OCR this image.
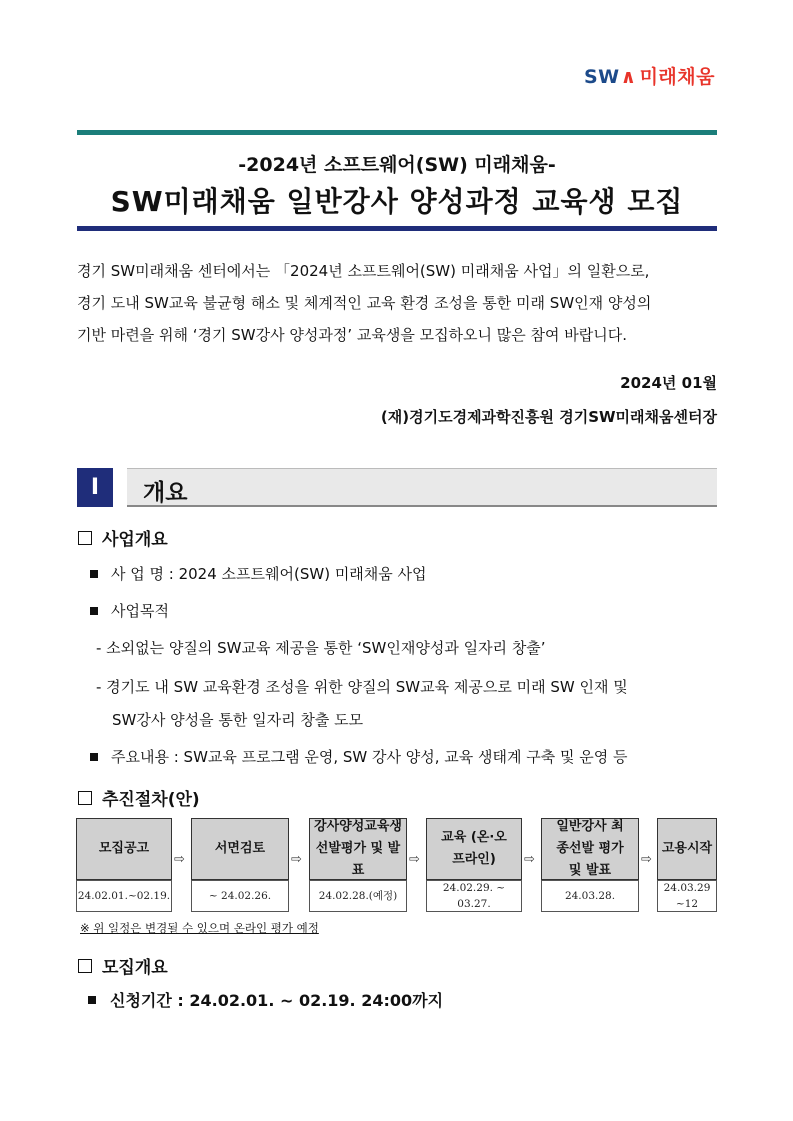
SW ∧ 미래채움
-2024년 소프트웨어(SW) 미래채움-
SW미래채움 일반강사 양성과정 교육생 모집
경기 SW미래채움 센터에서는 「2024년 소프트웨어(SW) 미래채움 사업」의 일환으로,
경기 도내 SW교육 불균형 해소 및 체계적인 교육 환경 조성을 통한 미래 SW인재 양성의
기반 마련을 위해 ‘경기 SW강사 양성과정’ 교육생을 모집하오니 많은 참여 바랍니다.
2024년 01월
(재)경기도경제과학진흥원 경기SW미래채움센터장
I	개요
사업개요
사 업 명 : 2024 소프트웨어(SW) 미래채움 사업
사업목적
- 소외없는 양질의 SW교육 제공을 통한 ‘SW인재양성과 일자리 창출’
- 경기도 내 SW 교육환경 조성을 위한 양질의 SW교육 제공으로 미래 SW 인재 및
SW강사 양성을 통한 일자리 창출 도모
주요내용 : SW교육 프로그램 운영, SW 강사 양성, 교육 생태계 구축 및 운영 등
추진절차(안)
모집공고
24.02.01.~02.19.
⇨
서면검토
~ 24.02.26.
⇨
강사양성교육생 선발평가 및 발표
24.02.28.(예정)
⇨
교육 (온·오프라인)
24.02.29. ~ 03.27.
⇨
일반강사 최종선발 평가 및 발표
24.03.28.
⇨
고용시작
24.03.29 ~12
※ 위 일정은 변경될 수 있으며 온라인 평가 예정
모집개요
신청기간 : 24.02.01. ~ 02.19. 24:00까지
